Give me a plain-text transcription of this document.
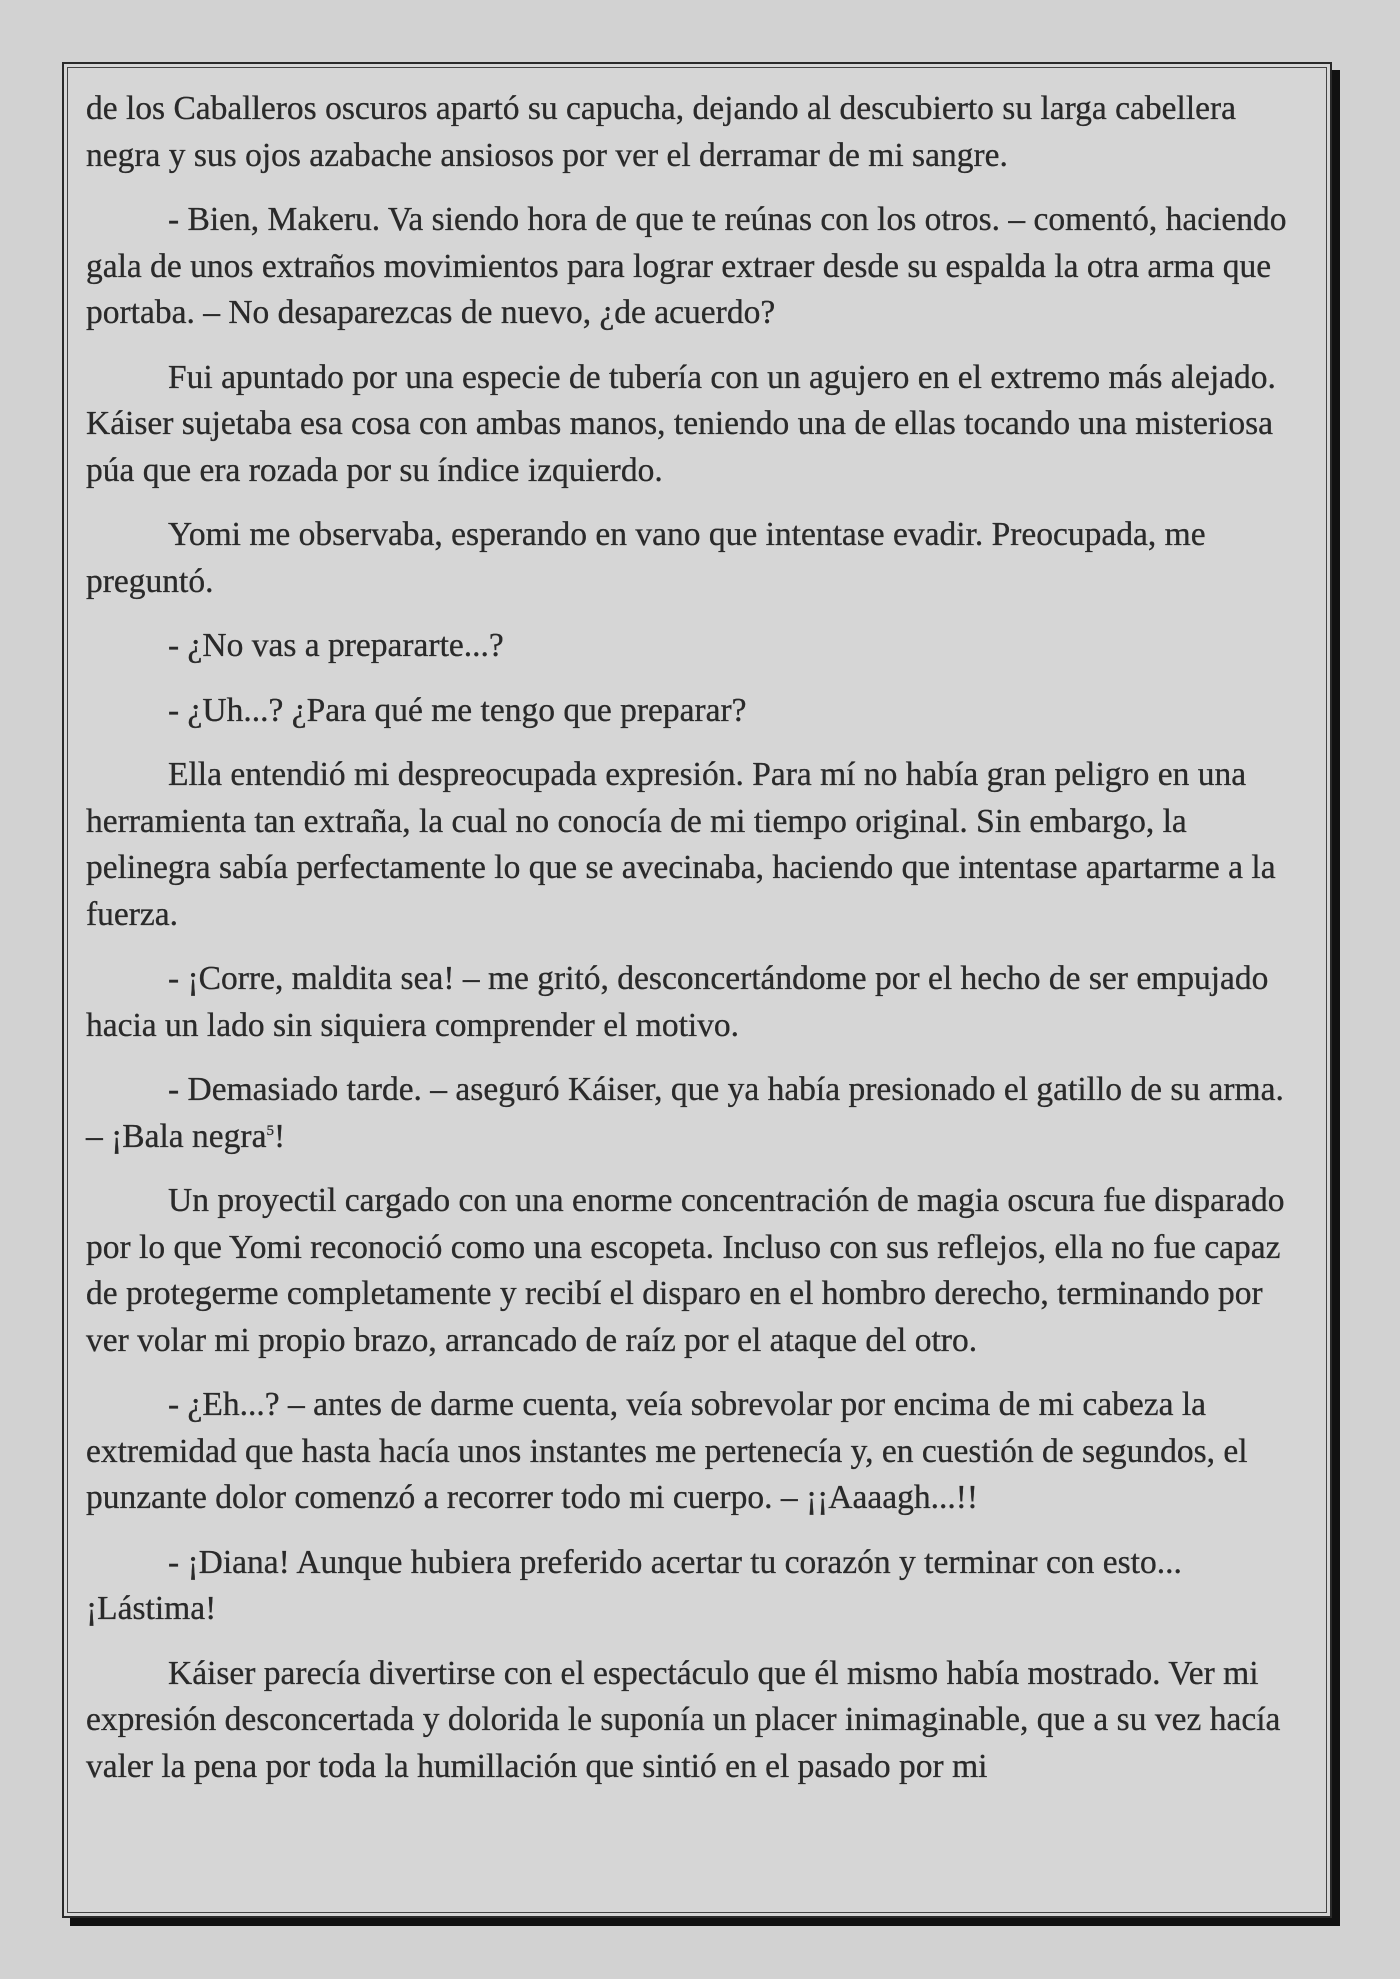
de los Caballeros oscuros apartó su capucha, dejando al descubierto su larga cabellera negra y sus ojos azabache ansiosos por ver el derramar de mi sangre.

- Bien, Makeru. Va siendo hora de que te reúnas con los otros. – comentó, haciendo gala de unos extraños movimientos para lograr extraer desde su espalda la otra arma que portaba. – No desaparezcas de nuevo, ¿de acuerdo?

Fui apuntado por una especie de tubería con un agujero en el extremo más alejado. Káiser sujetaba esa cosa con ambas manos, teniendo una de ellas tocando una misteriosa púa que era rozada por su índice izquierdo.

Yomi me observaba, esperando en vano que intentase evadir. Preocupada, me preguntó.

- ¿No vas a prepararte...?

- ¿Uh...? ¿Para qué me tengo que preparar?

Ella entendió mi despreocupada expresión. Para mí no había gran peligro en una herramienta tan extraña, la cual no conocía de mi tiempo original. Sin embargo, la pelinegra sabía perfectamente lo que se avecinaba, haciendo que intentase apartarme a la fuerza.

- ¡Corre, maldita sea! – me gritó, desconcertándome por el hecho de ser empujado hacia un lado sin siquiera comprender el motivo.

- Demasiado tarde. – aseguró Káiser, que ya había presionado el gatillo de su arma. – ¡Bala negra$^5$!

Un proyectil cargado con una enorme concentración de magia oscura fue disparado por lo que Yomi reconoció como una escopeta. Incluso con sus reflejos, ella no fue capaz de protegerme completamente y recibí el disparo en el hombro derecho, terminando por ver volar mi propio brazo, arrancado de raíz por el ataque del otro.

- ¿Eh...? – antes de darme cuenta, veía sobrevolar por encima de mi cabeza la extremidad que hasta hacía unos instantes me pertenecía y, en cuestión de segundos, el punzante dolor comenzó a recorrer todo mi cuerpo. – ¡¡Aaaagh...!!

- ¡Diana! Aunque hubiera preferido acertar tu corazón y terminar con esto... ¡Lástima!

Káiser parecía divertirse con el espectáculo que él mismo había mostrado. Ver mi expresión desconcertada y dolorida le suponía un placer inimaginable, que a su vez hacía valer la pena por toda la humillación que sintió en el pasado por mi
